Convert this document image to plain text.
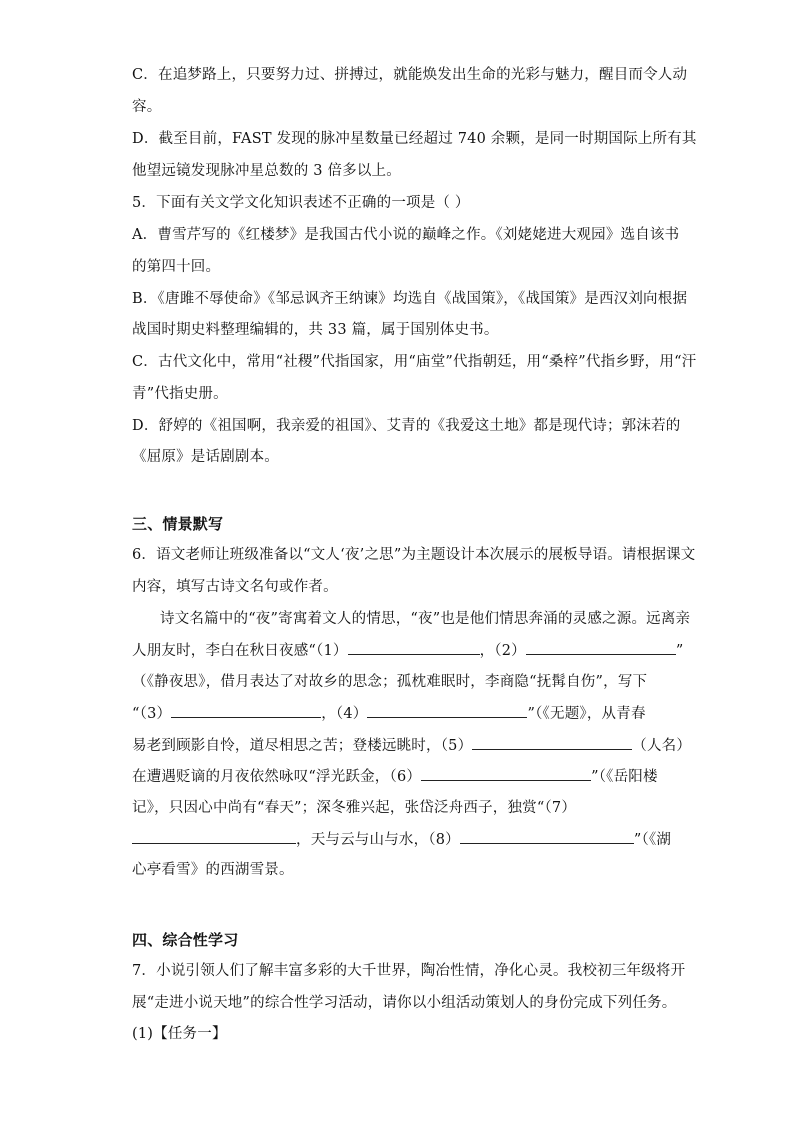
C．在追梦路上，只要努力过、拼搏过，就能焕发出生命的光彩与魅力，醒目而令人动
容。
D．截至目前，FAST 发现的脉冲星数量已经超过 740 余颗，是同一时期国际上所有其
他望远镜发现脉冲星总数的 3 倍多以上。
5．下面有关文学文化知识表述不正确的一项是（ ）
A．曹雪芹写的《红楼梦》是我国古代小说的巅峰之作。《刘姥姥进大观园》选自该书
的第四十回。
B．《唐雎不辱使命》《邹忌讽齐王纳谏》均选自《战国策》，《战国策》是西汉刘向根据
战国时期史料整理编辑的，共 33 篇，属于国别体史书。
C．古代文化中，常用“社稷”代指国家，用“庙堂”代指朝廷，用“桑梓”代指乡野，用“汗
青”代指史册。
D．舒婷的《祖国啊，我亲爱的祖国》、艾青的《我爱这土地》都是现代诗；郭沫若的
《屈原》是话剧剧本。
三、情景默写
6．语文老师让班级准备以“文人‘夜’之思”为主题设计本次展示的展板导语。请根据课文
内容，填写古诗文名句或作者。
诗文名篇中的“夜”寄寓着文人的情思，“夜”也是他们情思奔涌的灵感之源。远离亲
人朋友时，李白在秋日夜感“（1）	，（2）	”
（《静夜思》，借月表达了对故乡的思念；孤枕难眠时，李商隐“抚髯自伤”，写下
“（3）	，（4）	”（《无题》，从青春
易老到顾影自怜，道尽相思之苦；登楼远眺时，（5）	（人名）
在遭遇贬谪的月夜依然咏叹“浮光跃金，（6）	”（《岳阳楼
记》，只因心中尚有“春天”；深冬雅兴起，张岱泛舟西子，独赏“（7）
，天与云与山与水，（8）	”（《湖
心亭看雪》的西湖雪景。
四、综合性学习
7．小说引领人们了解丰富多彩的大千世界，陶冶性情，净化心灵。我校初三年级将开
展“走进小说天地”的综合性学习活动，请你以小组活动策划人的身份完成下列任务。
(1)【任务一】
